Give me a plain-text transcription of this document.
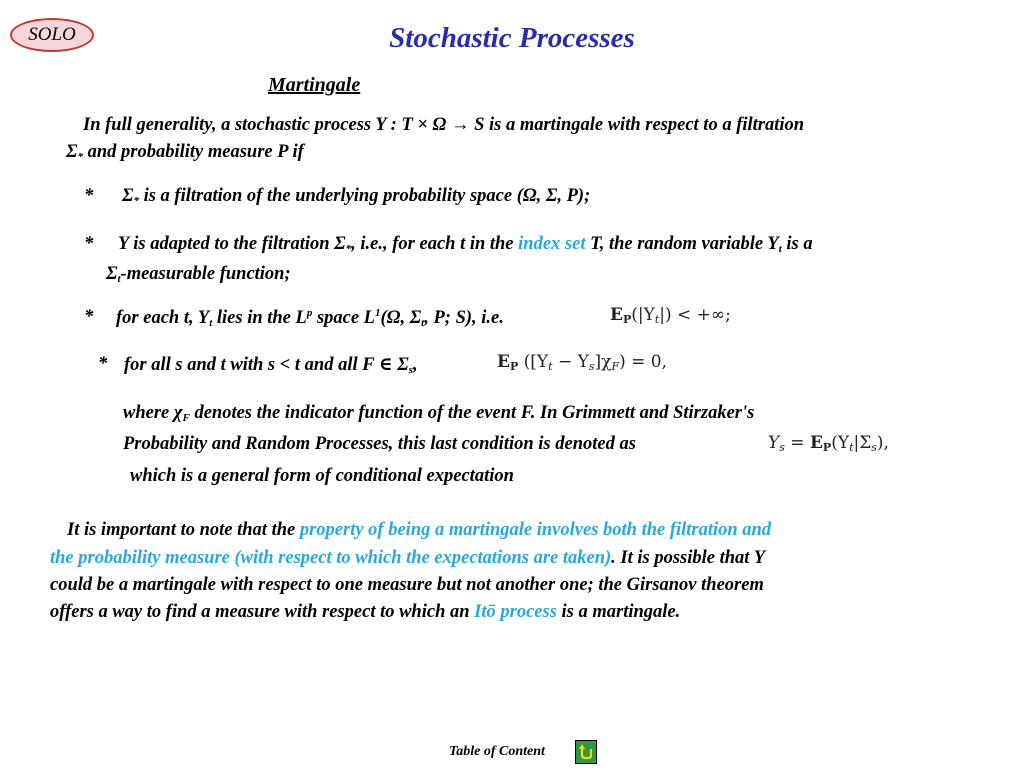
SOLO	Stochastic Processes
Martingale
In full generality, a stochastic process Y : T × Ω → S is a martingale with respect to a filtration
$\Sigma_*$ and probability measure P if
* $\Sigma_*$ is a filtration of the underlying probability space (Ω, Σ, P);
* Y is adapted to the filtration $\Sigma_*$, i.e., for each t in the index set T, the random variable $Y_t$ is a
$\Sigma_t$-measurable function;
* for each t, $Y_t$ lies in the $L^p$ space $L^1(\Omega$, $\Sigma_t$, P; S), i.e.	$E_P(|Y_t|)$ < +∞;
* for all s and t with s < t and all F ∈ $\Sigma_s$,	$E_P$ $([Y_t - Y_s]\chi_F) = 0$,
where $\chi_F$ denotes the indicator function of the event F. In Grimmett and Stirzaker's
Probability and Random Processes, this last condition is denoted as	$Y_s = E_P(Y_t|\Sigma_s)$,
which is a general form of conditional expectation
It is important to note that the property of being a martingale involves both the filtration and
the probability measure (with respect to which the expectations are taken). It is possible that Y
could be a martingale with respect to one measure but not another one; the Girsanov theorem
offers a way to find a measure with respect to which an Itō process is a martingale.
Table of Content
